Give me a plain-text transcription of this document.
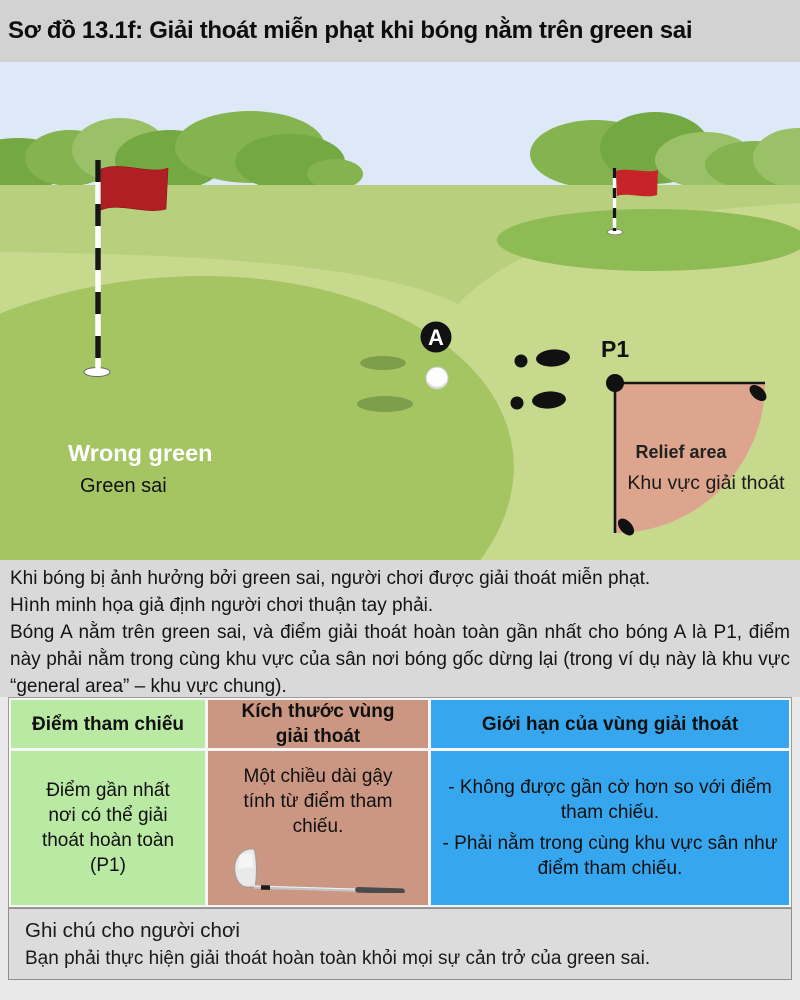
Sơ đồ 13.1f: Giải thoát miễn phạt khi bóng nằm trên green sai
A	P1
Relief area
Khu vực giải thoát
Wrong green
Green sai

Khi bóng bị ảnh hưởng bởi green sai, người chơi được giải thoát miễn phạt.

Hình minh họa giả định người chơi thuận tay phải.

Bóng A nằm trên green sai, và điểm giải thoát hoàn toàn gần nhất cho bóng A là P1, điểm này phải nằm trong cùng khu vực của sân nơi bóng gốc dừng lại (trong ví dụ này là khu vực “general area” – khu vực chung).

Điểm tham chiếu
Kích thước vùng giải thoát
Giới hạn của vùng giải thoát
Điểm gần nhất nơi có thể giải thoát hoàn toàn (P1)
Một chiều dài gậy tính từ điểm tham chiếu.
- Không được gần cờ hơn so với điểm tham chiếu.
- Phải nằm trong cùng khu vực sân như điểm tham chiếu.
Ghi chú cho người chơi
Bạn phải thực hiện giải thoát hoàn toàn khỏi mọi sự cản trở của green sai.
